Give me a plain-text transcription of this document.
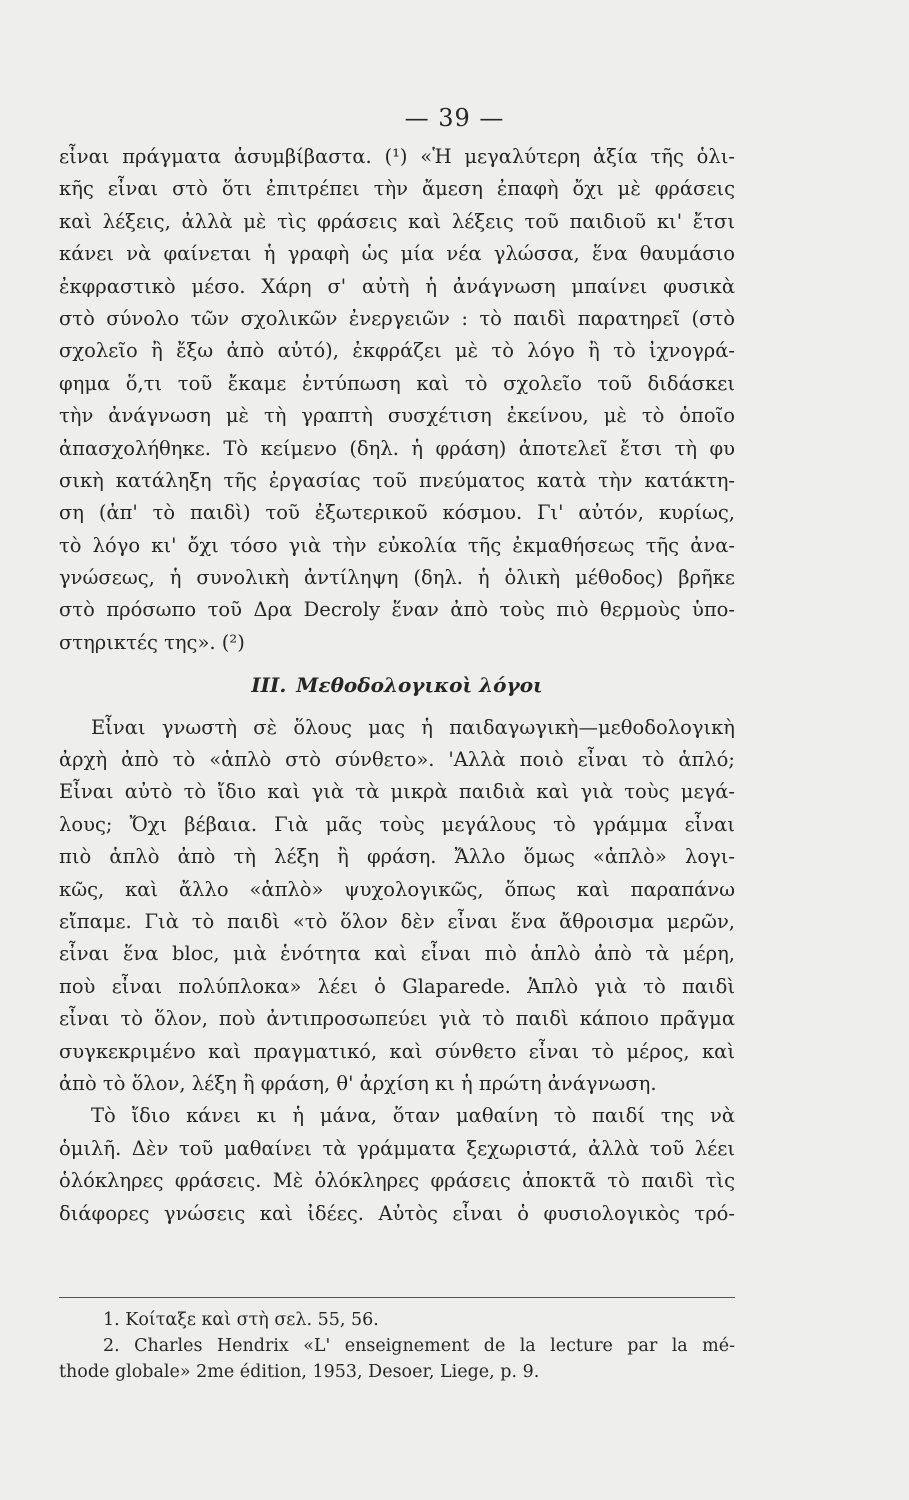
— 39 —
εἶναι πράγματα ἀσυμβίβαστα. (¹) «Ἡ μεγαλύτερη ἀξία τῆς ὁλι-
κῆς εἶναι στὸ ὅτι ἐπιτρέπει τὴν ἄμεση ἐπαφὴ ὄχι μὲ φράσεις
καὶ λέξεις, ἀλλὰ μὲ τὶς φράσεις καὶ λέξεις τοῦ παιδιοῦ κι' ἔτσι
κάνει νὰ φαίνεται ἡ γραφὴ ὡς μία νέα γλώσσα, ἕνα θαυμάσιο
ἐκφραστικὸ μέσο. Χάρη σ' αὐτὴ ἡ ἀνάγνωση μπαίνει φυσικὰ
στὸ σύνολο τῶν σχολικῶν ἐνεργειῶν : τὸ παιδὶ παρατηρεῖ (στὸ
σχολεῖο ἢ ἔξω ἀπὸ αὐτό), ἐκφράζει μὲ τὸ λόγο ἢ τὸ ἰχνογρά-
φημα ὅ,τι τοῦ ἔκαμε ἐντύπωση καὶ τὸ σχολεῖο τοῦ διδάσκει
τὴν ἀνάγνωση μὲ τὴ γραπτὴ συσχέτιση ἐκείνου, μὲ τὸ ὁποῖο
ἀπασχολήθηκε. Τὸ κείμενο (δηλ. ἡ φράση) ἀποτελεῖ ἔτσι τὴ φυ
σικὴ κατάληξη τῆς ἐργασίας τοῦ πνεύματος κατὰ τὴν κατάκτη-
ση (ἀπ' τὸ παιδὶ) τοῦ ἐξωτερικοῦ κόσμου. Γι' αὐτόν, κυρίως,
τὸ λόγο κι' ὄχι τόσο γιὰ τὴν εὐκολία τῆς ἐκμαθήσεως τῆς ἀνα-
γνώσεως, ἡ συνολικὴ ἀντίληψη (δηλ. ἡ ὁλικὴ μέθοδος) βρῆκε
στὸ πρόσωπο τοῦ Δρα Decroly ἕναν ἀπὸ τοὺς πιὸ θερμοὺς ὑπο-
στηρικτές της». (²)
III. Μεθοδολογικοὶ λόγοι
Εἶναι γνωστὴ σὲ ὅλους μας ἡ παιδαγωγικὴ—μεθοδολογικὴ
ἀρχὴ ἀπὸ τὸ «ἁπλὸ στὸ σύνθετο». 'Αλλὰ ποιὸ εἶναι τὸ ἁπλό;
Εἶναι αὐτὸ τὸ ἴδιο καὶ γιὰ τὰ μικρὰ παιδιὰ καὶ γιὰ τοὺς μεγά-
λους; Ὄχι βέβαια. Γιὰ μᾶς τοὺς μεγάλους τὸ γράμμα εἶναι
πιὸ ἁπλὸ ἀπὸ τὴ λέξη ἢ φράση. Ἄλλο ὅμως «ἁπλὸ» λογι-
κῶς, καὶ ἄλλο «ἁπλὸ» ψυχολογικῶς, ὅπως καὶ παραπάνω
εἴπαμε. Γιὰ τὸ παιδὶ «τὸ ὅλον δὲν εἶναι ἕνα ἄθροισμα μερῶν,
εἶναι ἕνα bloc, μιὰ ἑνότητα καὶ εἶναι πιὸ ἁπλὸ ἀπὸ τὰ μέρη,
ποὺ εἶναι πολύπλοκα» λέει ὁ Glaparede. Ἁπλὸ γιὰ τὸ παιδὶ
εἶναι τὸ ὅλον, ποὺ ἀντιπροσωπεύει γιὰ τὸ παιδὶ κάποιο πρᾶγμα
συγκεκριμένο καὶ πραγματικό, καὶ σύνθετο εἶναι τὸ μέρος, καὶ
ἀπὸ τὸ ὅλον, λέξη ἢ φράση, θ' ἀρχίση κι ἡ πρώτη ἀνάγνωση.
Τὸ ἴδιο κάνει κι ἡ μάνα, ὅταν μαθαίνη τὸ παιδί της νὰ
ὁμιλῆ. Δὲν τοῦ μαθαίνει τὰ γράμματα ξεχωριστά, ἀλλὰ τοῦ λέει
ὁλόκληρες φράσεις. Μὲ ὁλόκληρες φράσεις ἀποκτᾶ τὸ παιδὶ τὶς
διάφορες γνώσεις καὶ ἰδέες. Αὐτὸς εἶναι ὁ φυσιολογικὸς τρό-
1. Κοίταξε καὶ στὴ σελ. 55, 56.
2. Charles Hendrix «L' enseignement de la lecture par la mé-
thode globale» 2me édition, 1953, Desoer, Liege, p. 9.
